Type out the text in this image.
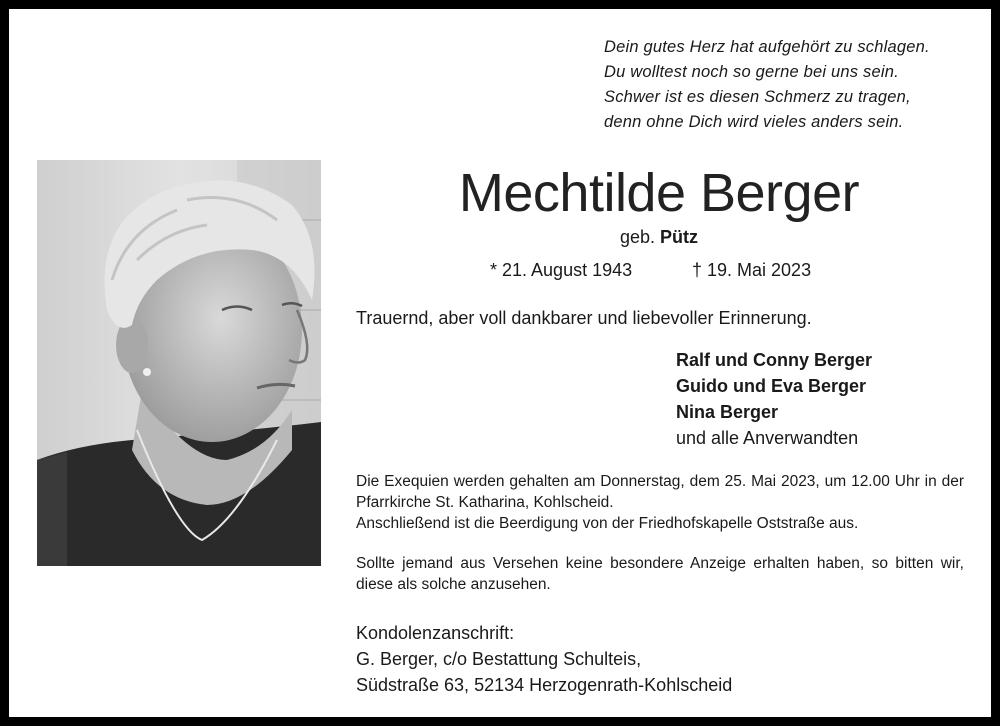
Dein gutes Herz hat aufgehört zu schlagen.
Du wolltest noch so gerne bei uns sein.
Schwer ist es diesen Schmerz zu tragen,
denn ohne Dich wird vieles anders sein.
Mechtilde Berger
geb. Pütz
* 21. August 1943	† 19. Mai 2023
Trauernd, aber voll dankbarer und liebevoller Erinnerung.
Ralf und Conny Berger
Guido und Eva Berger
Nina Berger
und alle Anverwandten
Die Exequien werden gehalten am Donnerstag, dem 25. Mai 2023, um 12.00 Uhr in der Pfarrkirche St. Katharina, Kohlscheid.
Anschließend ist die Beerdigung von der Friedhofskapelle Oststraße aus.
Sollte jemand aus Versehen keine besondere Anzeige erhalten haben, so bitten wir, diese als solche anzusehen.
Kondolenzanschrift:
G. Berger, c/o Bestattung Schulteis,
Südstraße 63, 52134 Herzogenrath-Kohlscheid
